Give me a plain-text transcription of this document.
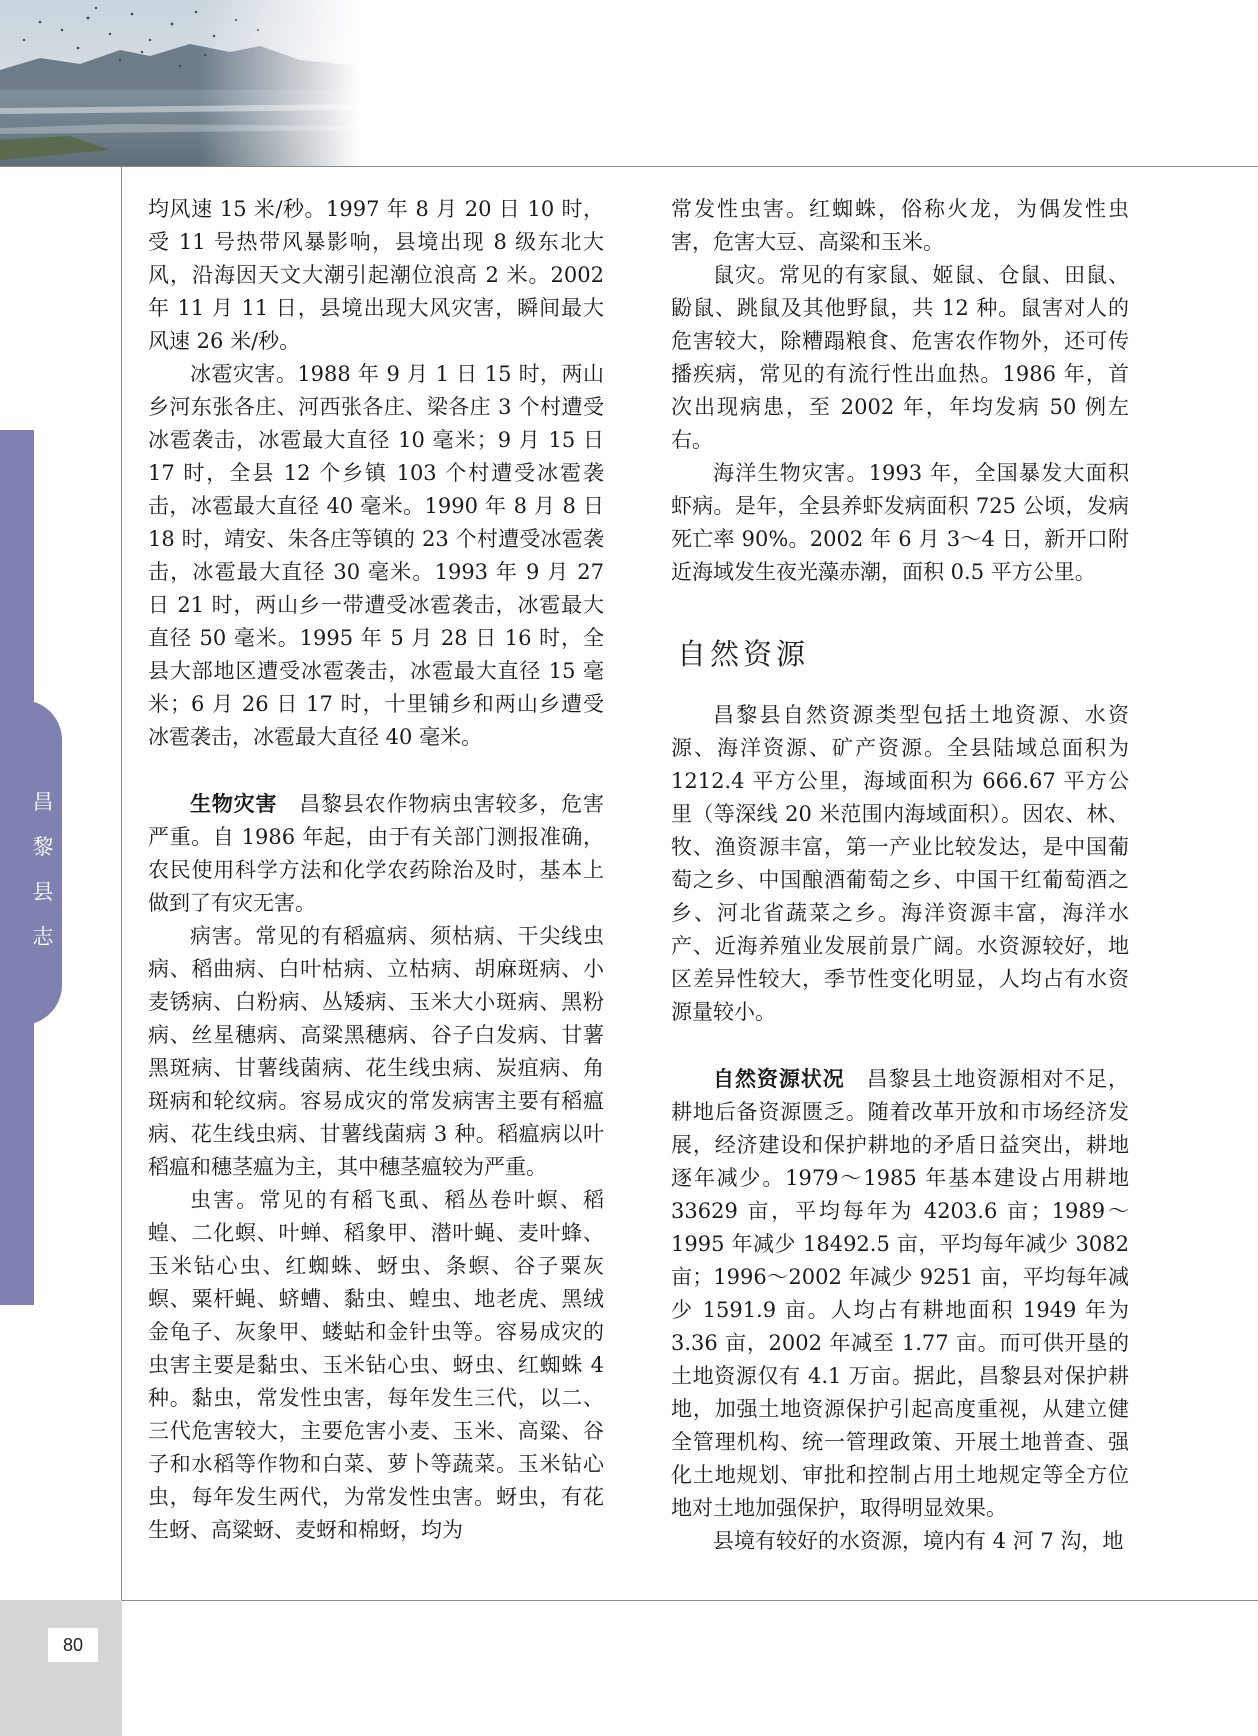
昌
黎
县
志
80

均风速 15 米/秒。1997 年 8 月 20 日 10 时，受 11 号热带风暴影响，县境出现 8 级东北大风，沿海因天文大潮引起潮位浪高 2 米。2002 年 11 月 11 日，县境出现大风灾害，瞬间最大风速 26 米/秒。

冰雹灾害。1988 年 9 月 1 日 15 时，两山乡河东张各庄、河西张各庄、梁各庄 3 个村遭受冰雹袭击，冰雹最大直径 10 毫米；9 月 15 日 17 时，全县 12 个乡镇 103 个村遭受冰雹袭击，冰雹最大直径 40 毫米。1990 年 8 月 8 日 18 时，靖安、朱各庄等镇的 23 个村遭受冰雹袭击，冰雹最大直径 30 毫米。1993 年 9 月 27 日 21 时，两山乡一带遭受冰雹袭击，冰雹最大直径 50 毫米。1995 年 5 月 28 日 16 时，全县大部地区遭受冰雹袭击，冰雹最大直径 15 毫米；6 月 26 日 17 时，十里铺乡和两山乡遭受冰雹袭击，冰雹最大直径 40 毫米。

生物灾害　 昌黎县农作物病虫害较多，危害严重。自 1986 年起，由于有关部门测报准确，农民使用科学方法和化学农药除治及时，基本上做到了有灾无害。

病害。常见的有稻瘟病、须枯病、干尖线虫病、稻曲病、白叶枯病、立枯病、胡麻斑病、小麦锈病、白粉病、丛矮病、玉米大小斑病、黑粉病、丝星穗病、高粱黑穗病、谷子白发病、甘薯黑斑病、甘薯线菌病、花生线虫病、炭疽病、角斑病和轮纹病。容易成灾的常发病害主要有稻瘟病、花生线虫病、甘薯线菌病 3 种。稻瘟病以叶稻瘟和穗茎瘟为主，其中穗茎瘟较为严重。

虫害。常见的有稻飞虱、稻丛卷叶螟、稻蝗、二化螟、叶蝉、稻象甲、潜叶蝇、麦叶蜂、玉米钻心虫、红蜘蛛、蚜虫、条螟、谷子粟灰螟、粟杆蝇、蛴螬、黏虫、蝗虫、地老虎、黑绒金龟子、灰象甲、蝼蛄和金针虫等。容易成灾的虫害主要是黏虫、玉米钻心虫、蚜虫、红蜘蛛 4 种。黏虫，常发性虫害，每年发生三代，以二、三代危害较大，主要危害小麦、玉米、高粱、谷子和水稻等作物和白菜、萝卜等蔬菜。玉米钻心虫，每年发生两代，为常发性虫害。蚜虫，有花生蚜、高粱蚜、麦蚜和棉蚜，均为

常发性虫害。红蜘蛛，俗称火龙，为偶发性虫害，危害大豆、高粱和玉米。

鼠灾。常见的有家鼠、姬鼠、仓鼠、田鼠、鼢鼠、跳鼠及其他野鼠，共 12 种。鼠害对人的危害较大，除糟蹋粮食、危害农作物外，还可传播疾病，常见的有流行性出血热。1986 年，首次出现病患，至 2002 年，年均发病 50 例左右。

海洋生物灾害。1993 年，全国暴发大面积虾病。是年，全县养虾发病面积 725 公顷，发病死亡率 90%。2002 年 6 月 3～4 日，新开口附近海域发生夜光藻赤潮，面积 0.5 平方公里。

自然资源

昌黎县自然资源类型包括土地资源、水资源、海洋资源、矿产资源。全县陆域总面积为 1212.4 平方公里，海域面积为 666.67 平方公里（等深线 20 米范围内海域面积）。因农、林、牧、渔资源丰富，第一产业比较发达，是中国葡萄之乡、中国酿酒葡萄之乡、中国干红葡萄酒之乡、河北省蔬菜之乡。海洋资源丰富，海洋水产、近海养殖业发展前景广阔。水资源较好，地区差异性较大，季节性变化明显，人均占有水资源量较小。

自然资源状况　 昌黎县土地资源相对不足，耕地后备资源匮乏。随着改革开放和市场经济发展，经济建设和保护耕地的矛盾日益突出，耕地逐年减少。1979～1985 年基本建设占用耕地 33629 亩，平均每年为 4203.6 亩；1989～1995 年减少 18492.5 亩，平均每年减少 3082 亩；1996～2002 年减少 9251 亩，平均每年减少 1591.9 亩。人均占有耕地面积 1949 年为 3.36 亩，2002 年减至 1.77 亩。而可供开垦的土地资源仅有 4.1 万亩。据此，昌黎县对保护耕地，加强土地资源保护引起高度重视，从建立健全管理机构、统一管理政策、开展土地普查、强化土地规划、审批和控制占用土地规定等全方位地对土地加强保护，取得明显效果。

县境有较好的水资源，境内有 4 河 7 沟，地
